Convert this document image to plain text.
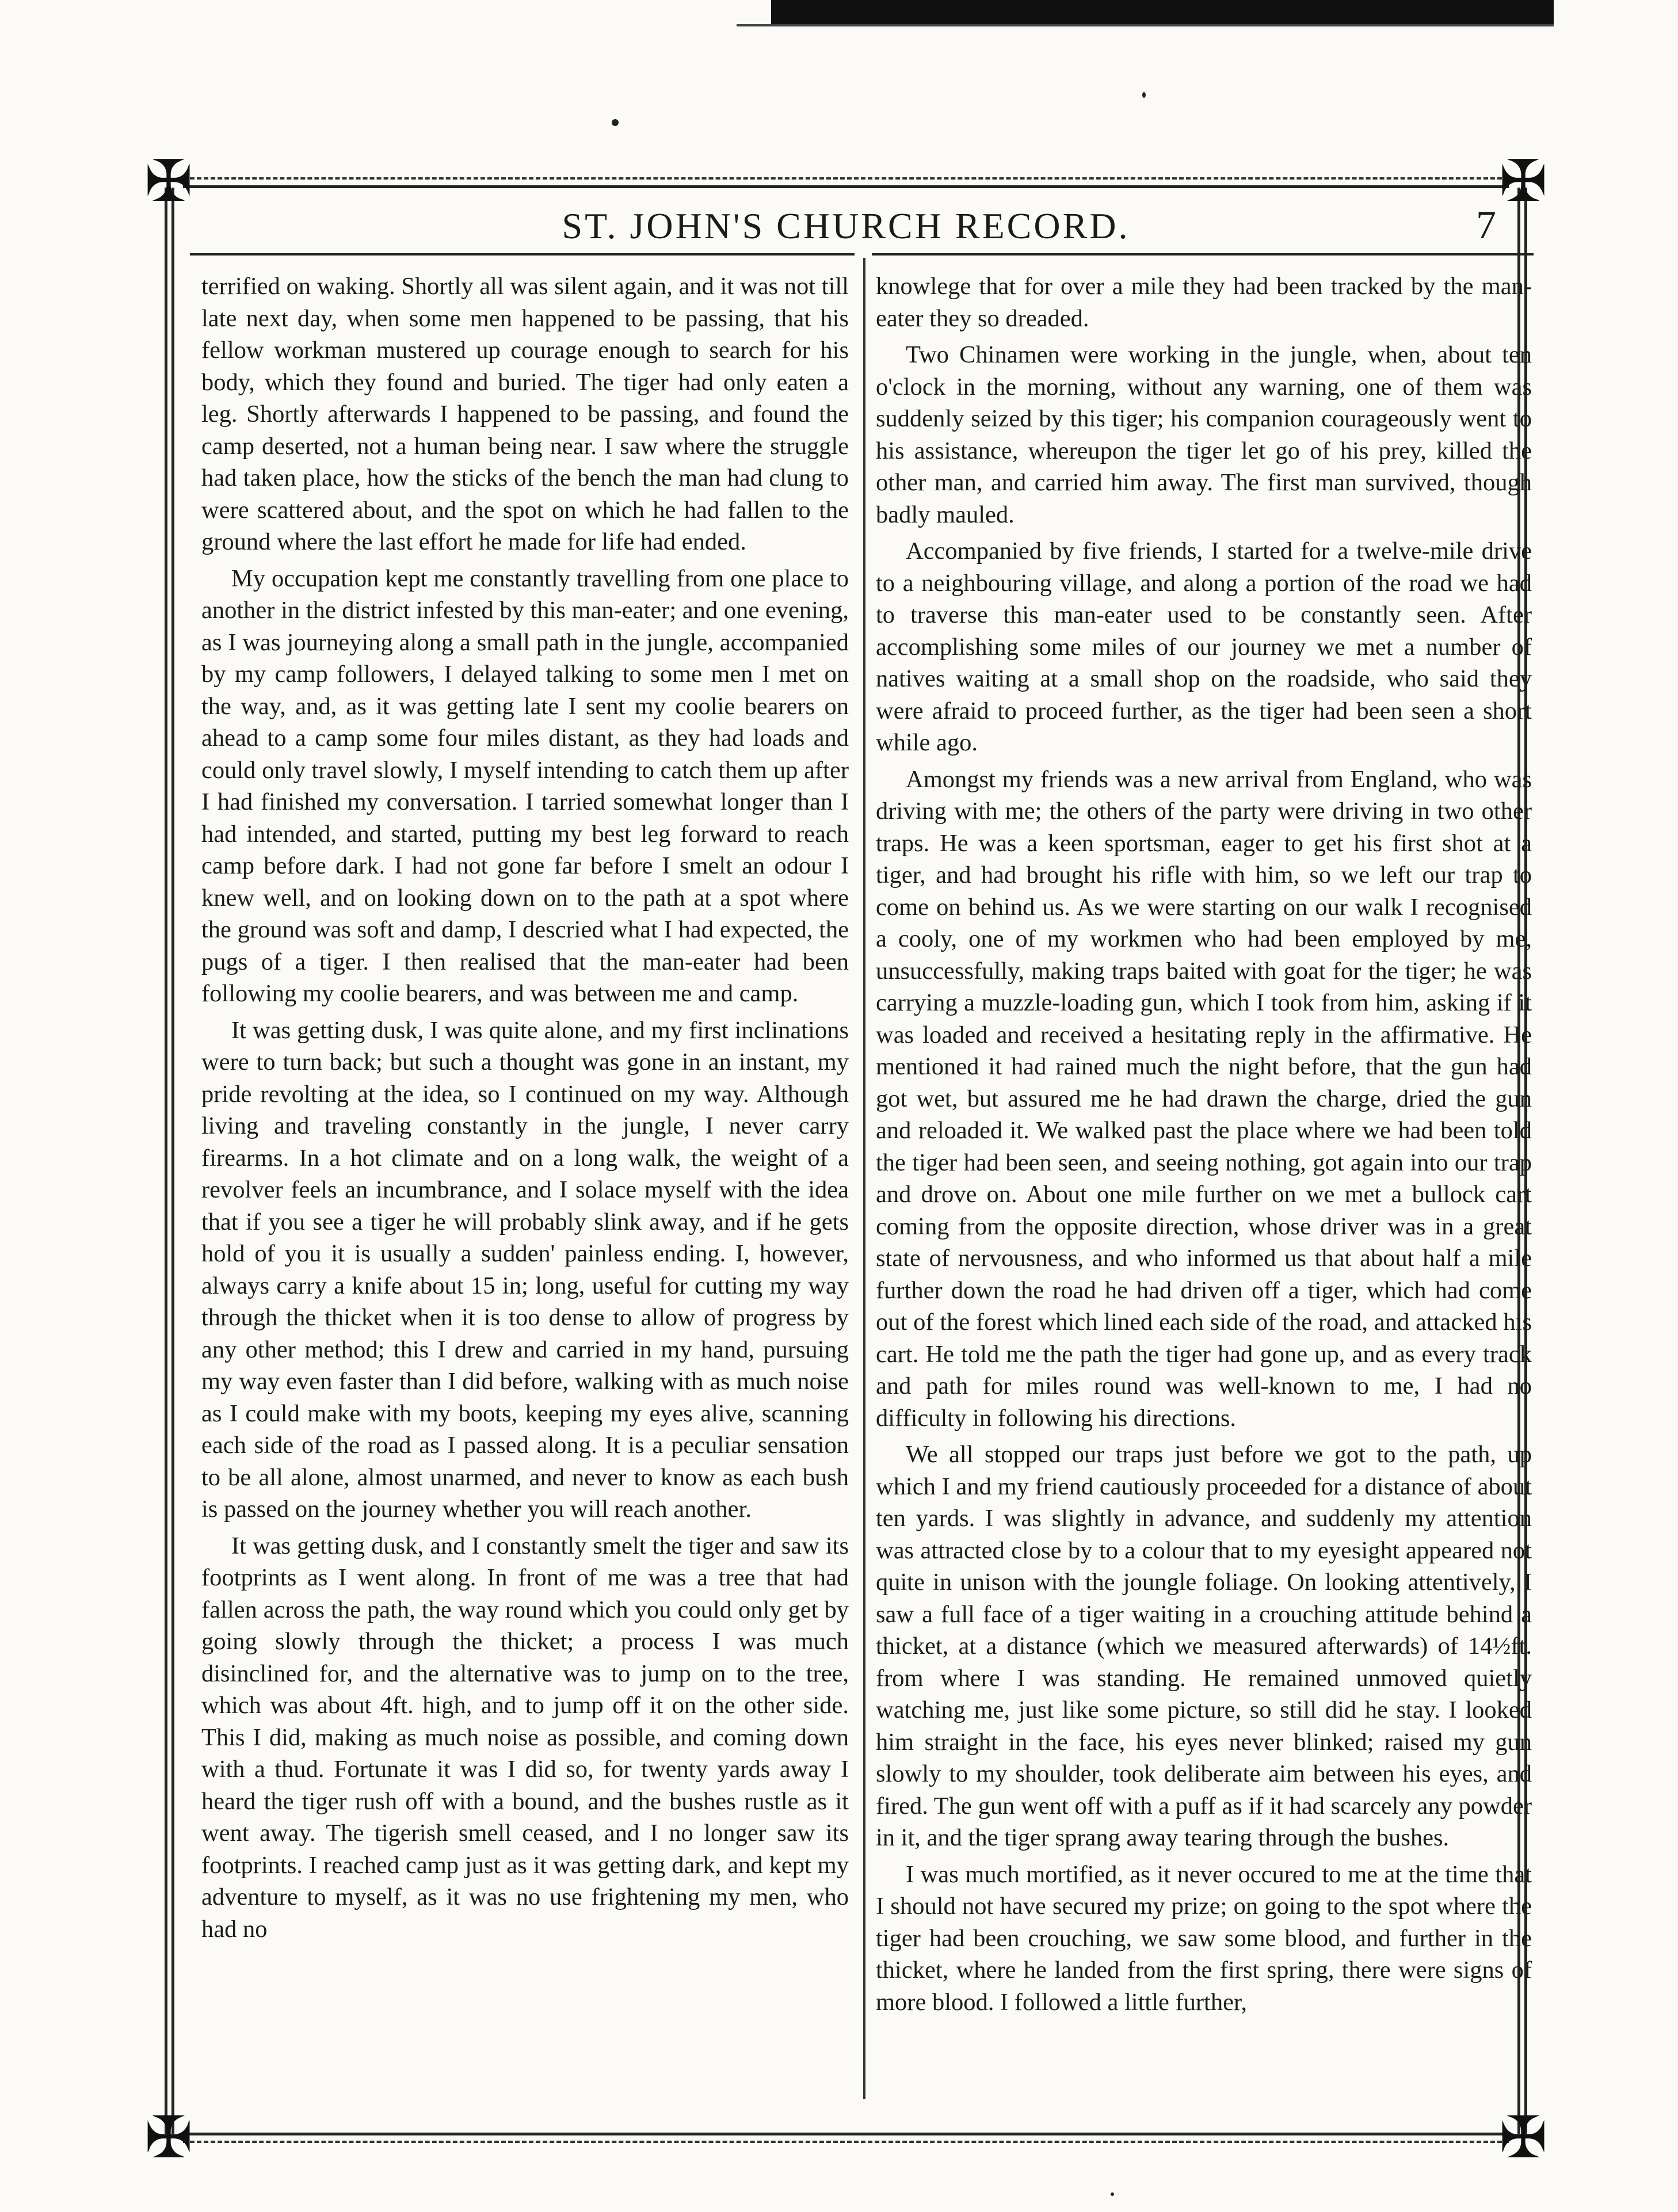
✠	✠
✠	✠
ST. JOHN'S CHURCH RECORD.	7

terrified on waking. Shortly all was silent again, and it was not till late next day, when some men happened to be passing, that his fellow workman mustered up courage enough to search for his body, which they found and buried. The tiger had only eaten a leg. Shortly afterwards I happened to be passing, and found the camp deserted, not a human being near. I saw where the struggle had taken place, how the sticks of the bench the man had clung to were scattered about, and the spot on which he had fallen to the ground where the last effort he made for life had ended.

My occupation kept me constantly travelling from one place to another in the district infested by this man-eater; and one evening, as I was journeying along a small path in the jungle, accompanied by my camp followers, I delayed talking to some men I met on the way, and, as it was getting late I sent my coolie bearers on ahead to a camp some four miles distant, as they had loads and could only travel slowly, I myself intending to catch them up after I had finished my conversation. I tarried somewhat longer than I had intended, and started, putting my best leg forward to reach camp before dark. I had not gone far before I smelt an odour I knew well, and on looking down on to the path at a spot where the ground was soft and damp, I descried what I had expected, the pugs of a tiger. I then realised that the man-eater had been following my coolie bearers, and was between me and camp.

It was getting dusk, I was quite alone, and my first inclinations were to turn back; but such a thought was gone in an instant, my pride revolting at the idea, so I continued on my way. Although living and traveling constantly in the jungle, I never carry firearms. In a hot climate and on a long walk, the weight of a revolver feels an incumbrance, and I solace myself with the idea that if you see a tiger he will probably slink away, and if he gets hold of you it is usually a sudden' painless ending. I, however, always carry a knife about 15 in; long, useful for cutting my way through the thicket when it is too dense to allow of progress by any other method; this I drew and carried in my hand, pursuing my way even faster than I did before, walking with as much noise as I could make with my boots, keeping my eyes alive, scanning each side of the road as I passed along. It is a peculiar sensation to be all alone, almost unarmed, and never to know as each bush is passed on the journey whether you will reach another.

It was getting dusk, and I constantly smelt the tiger and saw its footprints as I went along. In front of me was a tree that had fallen across the path, the way round which you could only get by going slowly through the thicket; a process I was much disinclined for, and the alternative was to jump on to the tree, which was about 4ft. high, and to jump off it on the other side. This I did, making as much noise as possible, and coming down with a thud. Fortunate it was I did so, for twenty yards away I heard the tiger rush off with a bound, and the bushes rustle as it went away. The tigerish smell ceased, and I no longer saw its footprints. I reached camp just as it was getting dark, and kept my adventure to myself, as it was no use frightening my men, who had no

knowlege that for over a mile they had been tracked by the man-eater they so dreaded.

Two Chinamen were working in the jungle, when, about ten o'clock in the morning, without any warning, one of them was suddenly seized by this tiger; his companion courageously went to his assistance, whereupon the tiger let go of his prey, killed the other man, and carried him away. The first man survived, though badly mauled.

Accompanied by five friends, I started for a twelve-mile drive to a neighbouring village, and along a portion of the road we had to traverse this man-eater used to be constantly seen. After accomplishing some miles of our journey we met a number of natives waiting at a small shop on the roadside, who said they were afraid to proceed further, as the tiger had been seen a short while ago.

Amongst my friends was a new arrival from England, who was driving with me; the others of the party were driving in two other traps. He was a keen sportsman, eager to get his first shot at a tiger, and had brought his rifle with him, so we left our trap to come on behind us. As we were starting on our walk I recognised a cooly, one of my workmen who had been employed by me, unsuccessfully, making traps baited with goat for the tiger; he was carrying a muzzle-loading gun, which I took from him, asking if it was loaded and received a hesitating reply in the affirmative. He mentioned it had rained much the night before, that the gun had got wet, but assured me he had drawn the charge, dried the gun and reloaded it. We walked past the place where we had been told the tiger had been seen, and seeing nothing, got again into our trap and drove on. About one mile further on we met a bullock cart coming from the opposite direction, whose driver was in a great state of nervousness, and who informed us that about half a mile further down the road he had driven off a tiger, which had come out of the forest which lined each side of the road, and attacked his cart. He told me the path the tiger had gone up, and as every track and path for miles round was well-known to me, I had no difficulty in following his directions.

We all stopped our traps just before we got to the path, up which I and my friend cautiously proceeded for a distance of about ten yards. I was slightly in advance, and suddenly my attention was attracted close by to a colour that to my eyesight appeared not quite in unison with the joungle foliage. On looking attentively, I saw a full face of a tiger waiting in a crouching attitude behind a thicket, at a distance (which we measured afterwards) of 14½ft. from where I was standing. He remained unmoved quietly watching me, just like some picture, so still did he stay. I looked him straight in the face, his eyes never blinked; raised my gun slowly to my shoulder, took deliberate aim between his eyes, and fired. The gun went off with a puff as if it had scarcely any powder in it, and the tiger sprang away tearing through the bushes.

I was much mortified, as it never occured to me at the time that I should not have secured my prize; on going to the spot where the tiger had been crouching, we saw some blood, and further in the thicket, where he landed from the first spring, there were signs of more blood. I followed a little further,
